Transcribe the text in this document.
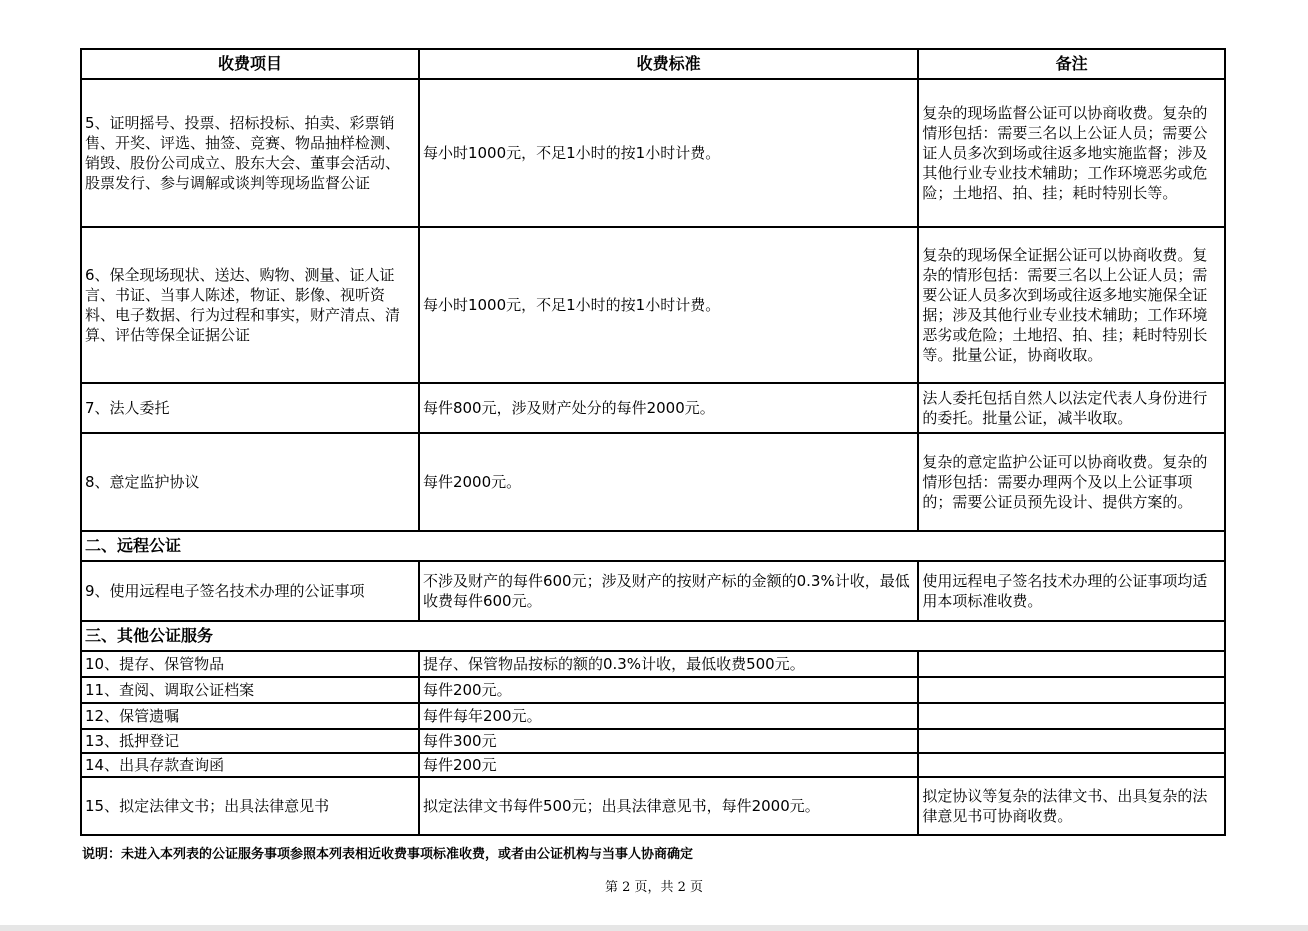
收费项目	收费标准	备注
5、证明摇号、投票、招标投标、拍卖、彩票销售、开奖、评选、抽签、竞赛、物品抽样检测、销毁、股份公司成立、股东大会、董事会活动、股票发行、参与调解或谈判等现场监督公证	每小时1000元，不足1小时的按1小时计费。	复杂的现场监督公证可以协商收费。复杂的情形包括：需要三名以上公证人员；需要公证人员多次到场或往返多地实施监督；涉及其他行业专业技术辅助；工作环境恶劣或危险；土地招、拍、挂；耗时特别长等。
6、保全现场现状、送达、购物、测量、证人证言、书证、当事人陈述，物证、影像、视听资料、电子数据、行为过程和事实，财产清点、清算、评估等保全证据公证	每小时1000元，不足1小时的按1小时计费。	复杂的现场保全证据公证可以协商收费。复杂的情形包括：需要三名以上公证人员；需要公证人员多次到场或往返多地实施保全证据；涉及其他行业专业技术辅助；工作环境恶劣或危险；土地招、拍、挂；耗时特别长等。批量公证，协商收取。
7、法人委托	每件800元，涉及财产处分的每件2000元。	法人委托包括自然人以法定代表人身份进行的委托。批量公证，减半收取。
8、意定监护协议	每件2000元。	复杂的意定监护公证可以协商收费。复杂的情形包括：需要办理两个及以上公证事项的；需要公证员预先设计、提供方案的。
二、远程公证		
9、使用远程电子签名技术办理的公证事项	不涉及财产的每件600元；涉及财产的按财产标的金额的0.3%计收，最低收费每件600元。	使用远程电子签名技术办理的公证事项均适用本项标准收费。
三、其他公证服务		
10、提存、保管物品	提存、保管物品按标的额的0.3%计收，最低收费500元。	
11、查阅、调取公证档案	每件200元。	
12、保管遗嘱	每件每年200元。	
13、抵押登记	每件300元	
14、出具存款查询函	每件200元	
15、拟定法律文书；出具法律意见书	拟定法律文书每件500元；出具法律意见书，每件2000元。	拟定协议等复杂的法律文书、出具复杂的法律意见书可协商收费。
说明：未进入本列表的公证服务事项参照本列表相近收费事项标准收费，或者由公证机构与当事人协商确定
第 2 页，共 2 页
